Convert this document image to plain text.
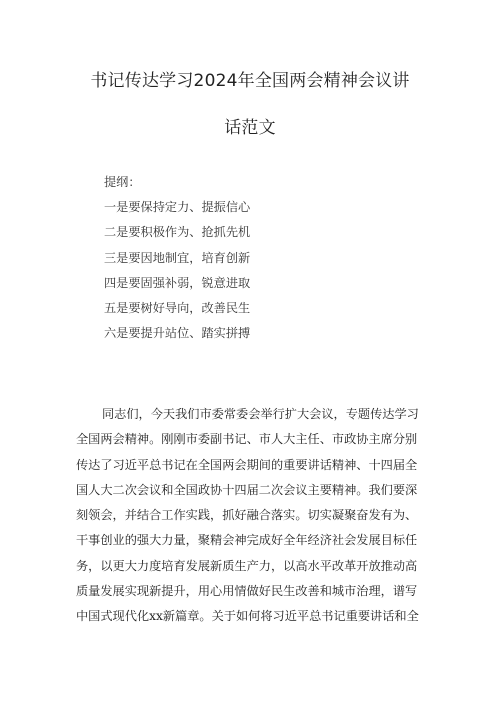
书记传达学习2024年全国两会精神会议讲
话范文
提纲：
一是要保持定力、提振信心
二是要积极作为、抢抓先机
三是要因地制宜，培育创新
四是要固强补弱，锐意进取
五是要树好导向，改善民生
六是要提升站位、踏实拼搏
同志们，今天我们市委常委会举行扩大会议，专题传达学习
全国两会精神。刚刚市委副书记、市人大主任、市政协主席分别
传达了习近平总书记在全国两会期间的重要讲话精神、十四届全
国人大二次会议和全国政协十四届二次会议主要精神。我们要深
刻领会，并结合工作实践，抓好融合落实。切实凝聚奋发有为、
干事创业的强大力量，聚精会神完成好全年经济社会发展目标任
务，以更大力度培育发展新质生产力，以高水平改革开放推动高
质量发展实现新提升，用心用情做好民生改善和城市治理，谱写
中国式现代化xx新篇章。关于如何将习近平总书记重要讲话和全
